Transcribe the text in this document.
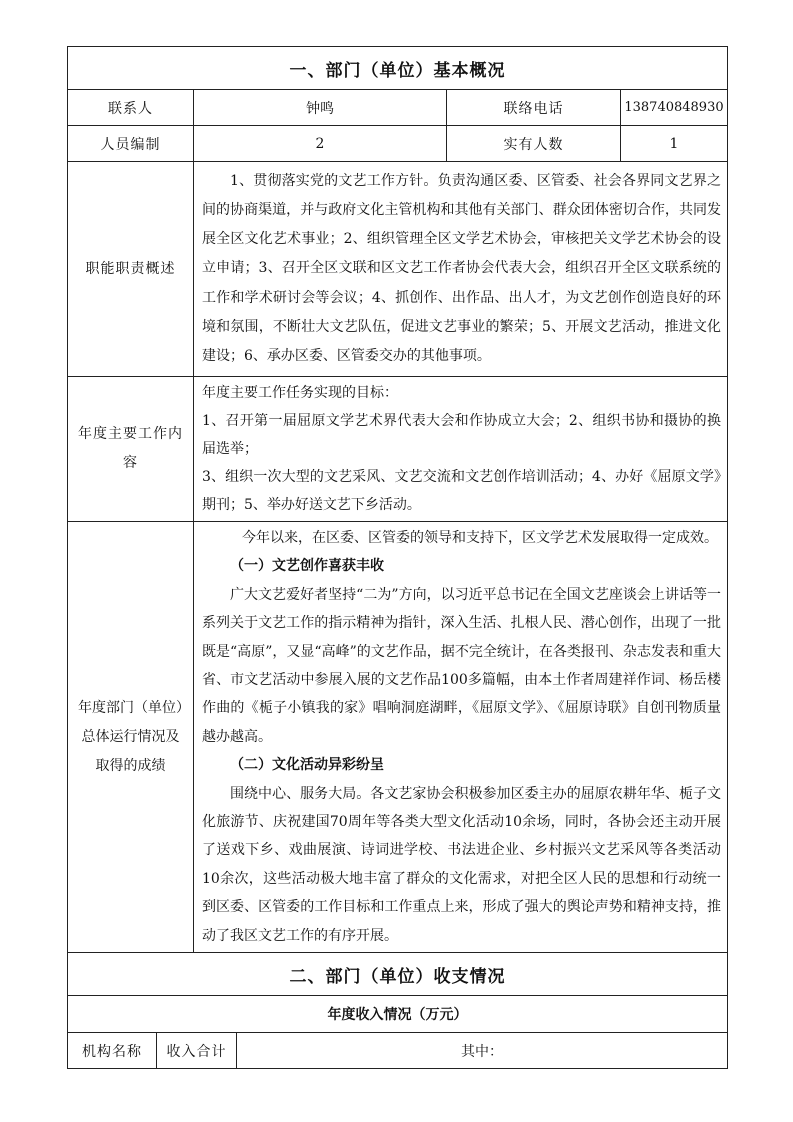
一、部门（单位）基本概况			
联系人	钟鸣	联络电话	13874084893​0
人员编制	2	实有人数	1
职能职责概述	1、贯彻落实党的文艺工作方针。负责沟通区委、区管委、社会各界同文艺界之间的协商渠道，并与政府文化主管机构和其他有关部门、群众团体密切合作，共同发展全区文化艺术事业；2、组织管理全区文学艺术协会，审核把关文学艺术协会的设立申请；3、召开全区文联和区文艺工作者协会代表大会，组织召开全区文联系统的工作和学术研讨会等会议；4、抓创作、出作品、出人才，为文艺创作创造良好的环境和氛围，不断壮大文艺队伍，促进文艺事业的繁荣；5、开展文艺活动，推进文化建设；6、承办区委、区管委交办的其他事项。		

年度主要工作内容	年度主要工作任务实现的目标：

1、召开第一届屈原文学艺术界代表大会和作协成立大会；2、组织书协和摄协的换届选举；

3、组织一次大型的文艺采风、文艺交流和文艺创作培训活动；4、办好《屈原文学》期刊；5、举办好送文艺下乡活动。		

年度部门（单位）总体运行情况及取得的成绩	今年以来，在区委、区管委的领导和支持下，区文学艺术发展取得一定成效。

（一）文艺创作喜获丰收

广大文艺爱好者坚持“二为”方向，以习近平总书记在全国文艺座谈会上讲话等一系列关于文艺工作的指示精神为指针，深入生活、扎根人民、潜心创作，出现了一批既是“高原”，又显“高峰”的文艺作品，据不完全统计，在各类报刊、杂志发表和重大省、市文艺活动中参展入展的文艺作品100多篇幅，由本土作者周建祥作词、杨岳楼作曲的《栀子小镇我的家》唱响洞庭湖畔，《屈原文学》、《屈原诗联》自创刊物质量越办越高。

（二）文化活动异彩纷呈

围绕中心、服务大局。各文艺家协会积极参加区委主办的屈原农耕年华、栀子文化旅游节、庆祝建国70周年等各类大型文化活动10余场，同时，各协会还主动开展了送戏下乡、戏曲展演、诗词进学校、书法进企业、乡村振兴文艺采风等各类活动10余次，这些活动极大地丰富了群众的文化需求，对把全区人民的思想和行动统一到区委、区管委的工作目标和工作重点上来，形成了强大的舆论声势和精神支持，推动了我区文艺工作的有序开展。		

二、部门（单位）收支情况			
年度收入情况（万元）
机构名称	收入合计	其中：
